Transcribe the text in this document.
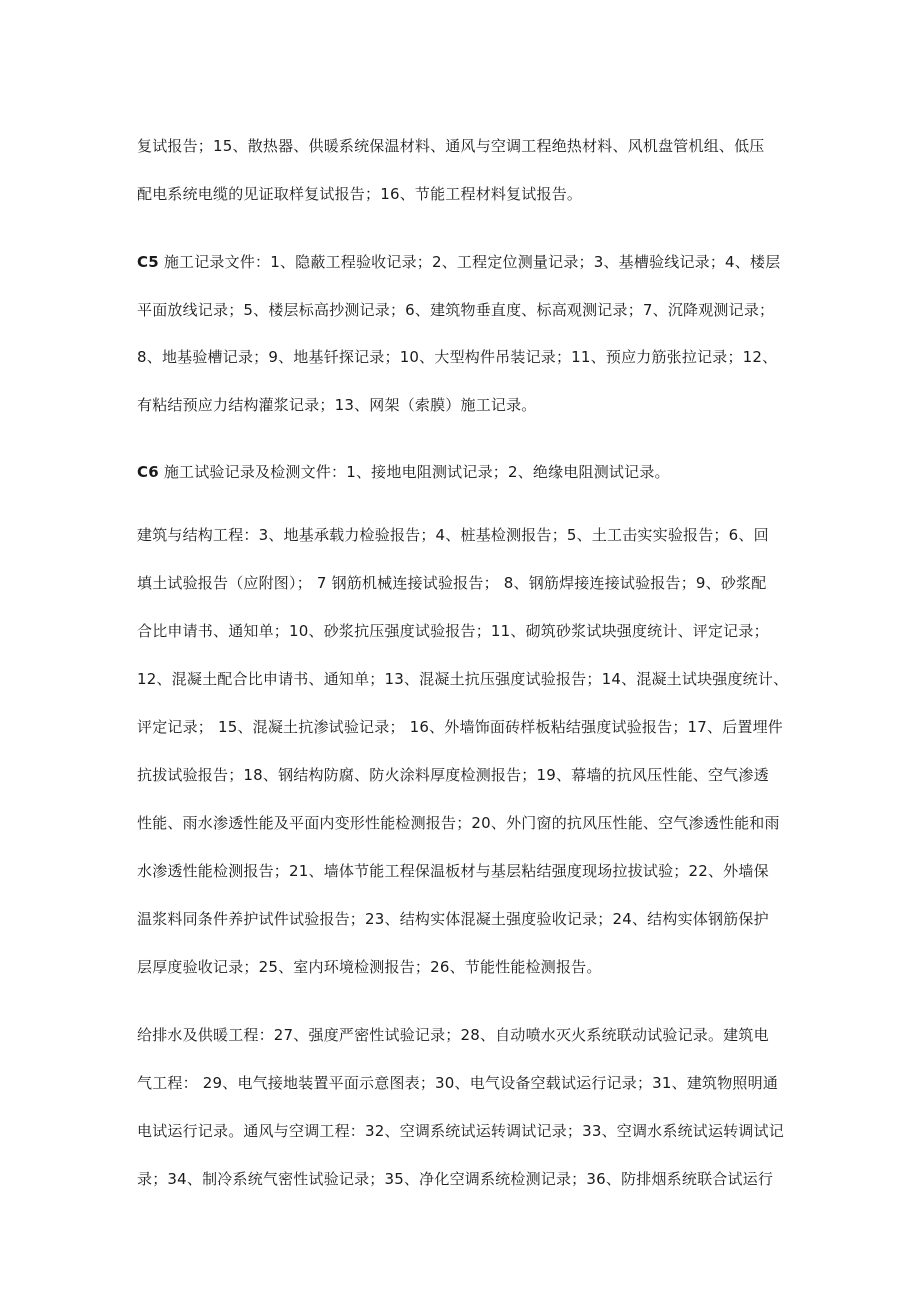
复试报告；15、散热器、供暖系统保温材料、通风与空调工程绝热材料、风机盘管机组、低压
配电系统电缆的见证取样复试报告；16、节能工程材料复试报告。
C5 施工记录文件：1、隐蔽工程验收记录；2、工程定位测量记录；3、基槽验线记录；4、楼层
平面放线记录；5、楼层标高抄测记录；6、建筑物垂直度、标高观测记录；7、沉降观测记录；
8、地基验槽记录；9、地基钎探记录；10、大型构件吊装记录；11、预应力筋张拉记录；12、
有粘结预应力结构灌浆记录；13、网架（索膜）施工记录。
C6 施工试验记录及检测文件：1、接地电阻测试记录；2、绝缘电阻测试记录。
建筑与结构工程：3、地基承载力检验报告；4、桩基检测报告；5、土工击实实验报告；6、回
填土试验报告（应附图）； 7 钢筋机械连接试验报告； 8、钢筋焊接连接试验报告；9、砂浆配
合比申请书、通知单；10、砂浆抗压强度试验报告；11、砌筑砂浆试块强度统计、评定记录；
12、混凝土配合比申请书、通知单；13、混凝土抗压强度试验报告；14、混凝土试块强度统计、
评定记录； 15、混凝土抗渗试验记录； 16、外墙饰面砖样板粘结强度试验报告；17、后置埋件
抗拔试验报告；18、钢结构防腐、防火涂料厚度检测报告；19、幕墙的抗风压性能、空气渗透
性能、雨水渗透性能及平面内变形性能检测报告；20、外门窗的抗风压性能、空气渗透性能和雨
水渗透性能检测报告；21、墙体节能工程保温板材与基层粘结强度现场拉拔试验；22、外墙保
温浆料同条件养护试件试验报告；23、结构实体混凝土强度验收记录；24、结构实体钢筋保护
层厚度验收记录；25、室内环境检测报告；26、节能性能检测报告。
给排水及供暖工程：27、强度严密性试验记录；28、自动喷水灭火系统联动试验记录。建筑电
气工程： 29、电气接地装置平面示意图表；30、电气设备空载试运行记录；31、建筑物照明通
电试运行记录。通风与空调工程：32、空调系统试运转调试记录；33、空调水系统试运转调试记
录；34、制冷系统气密性试验记录；35、净化空调系统检测记录；36、防排烟系统联合试运行
